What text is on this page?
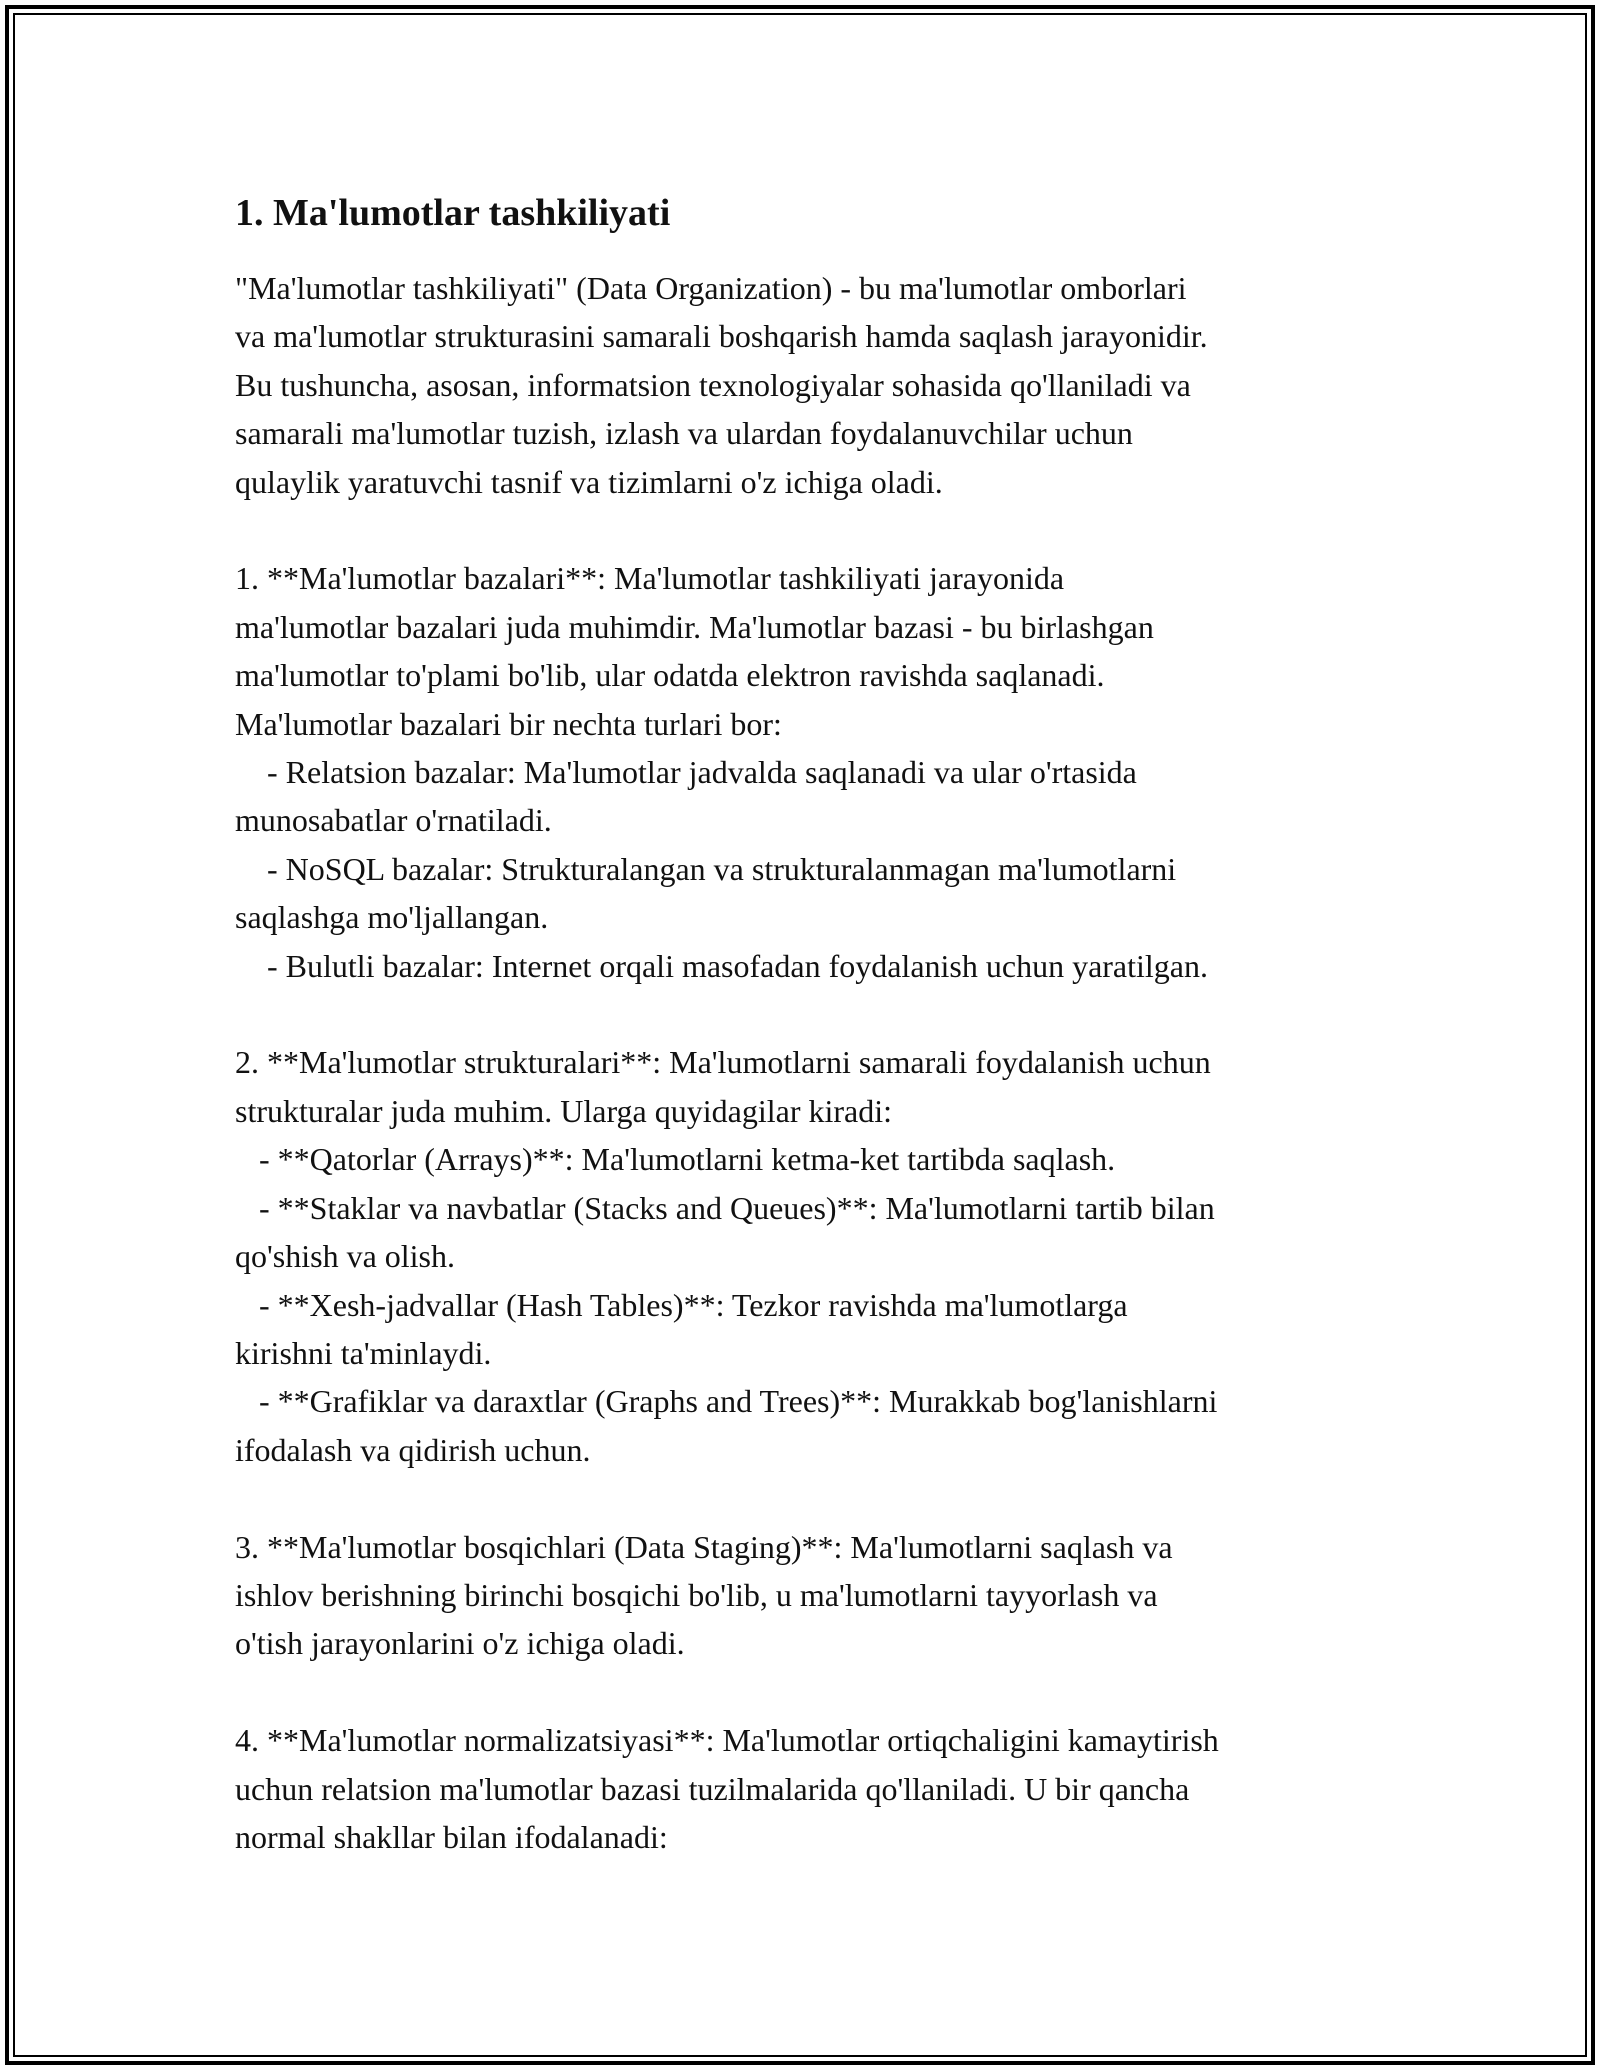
1. Ma'lumotlar tashkiliyati
"Ma'lumotlar tashkiliyati" (Data Organization) - bu ma'lumotlar omborlari
va ma'lumotlar strukturasini samarali boshqarish hamda saqlash jarayonidir.
Bu tushuncha, asosan, informatsion texnologiyalar sohasida qo'llaniladi va
samarali ma'lumotlar tuzish, izlash va ulardan foydalanuvchilar uchun
qulaylik yaratuvchi tasnif va tizimlarni o'z ichiga oladi.
1. **Ma'lumotlar bazalari**: Ma'lumotlar tashkiliyati jarayonida
ma'lumotlar bazalari juda muhimdir. Ma'lumotlar bazasi - bu birlashgan
ma'lumotlar to'plami bo'lib, ular odatda elektron ravishda saqlanadi.
Ma'lumotlar bazalari bir nechta turlari bor:
- Relatsion bazalar: Ma'lumotlar jadvalda saqlanadi va ular o'rtasida
munosabatlar o'rnatiladi.
- NoSQL bazalar: Strukturalangan va strukturalanmagan ma'lumotlarni
saqlashga mo'ljallangan.
- Bulutli bazalar: Internet orqali masofadan foydalanish uchun yaratilgan.
2. **Ma'lumotlar strukturalari**: Ma'lumotlarni samarali foydalanish uchun
strukturalar juda muhim. Ularga quyidagilar kiradi:
- **Qatorlar (Arrays)**: Ma'lumotlarni ketma-ket tartibda saqlash.
- **Staklar va navbatlar (Stacks and Queues)**: Ma'lumotlarni tartib bilan
qo'shish va olish.
- **Xesh-jadvallar (Hash Tables)**: Tezkor ravishda ma'lumotlarga
kirishni ta'minlaydi.
- **Grafiklar va daraxtlar (Graphs and Trees)**: Murakkab bog'lanishlarni
ifodalash va qidirish uchun.
3. **Ma'lumotlar bosqichlari (Data Staging)**: Ma'lumotlarni saqlash va
ishlov berishning birinchi bosqichi bo'lib, u ma'lumotlarni tayyorlash va
o'tish jarayonlarini o'z ichiga oladi.
4. **Ma'lumotlar normalizatsiyasi**: Ma'lumotlar ortiqchaligini kamaytirish
uchun relatsion ma'lumotlar bazasi tuzilmalarida qo'llaniladi. U bir qancha
normal shakllar bilan ifodalanadi:
